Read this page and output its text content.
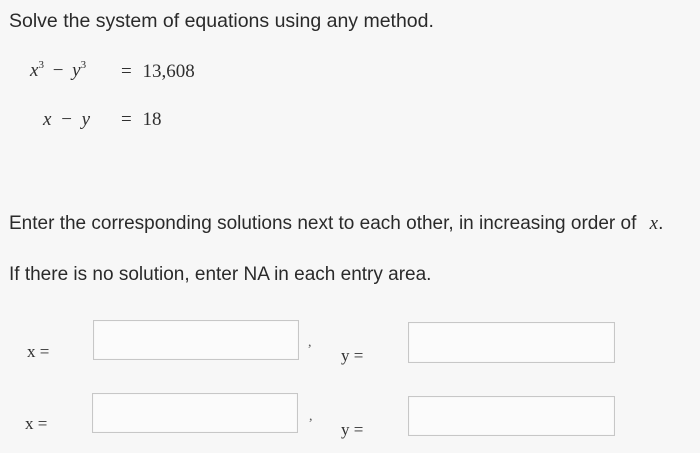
Solve the system of equations using any method.
$x^3 - y^3 = 13,608$
x − y = 18
Enter the corresponding solutions next to each other, in increasing order of x.
If there is no solution, enter NA in each entry area.
x =	,
y =
x =	,
y =
